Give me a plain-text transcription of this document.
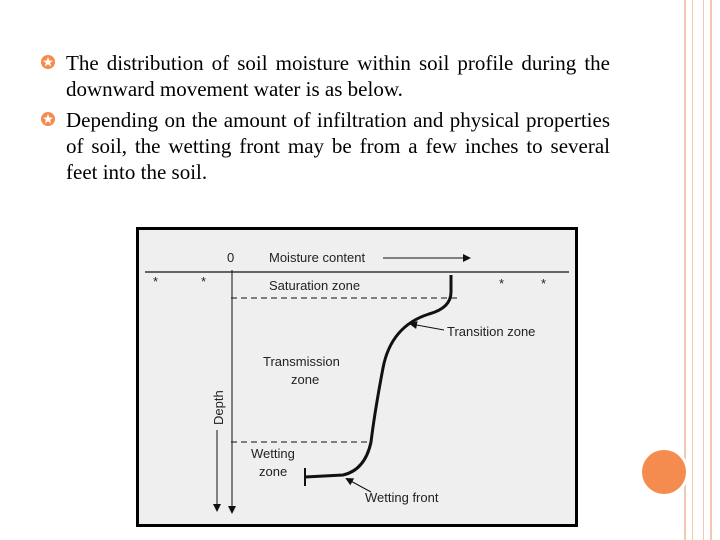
The distribution of soil moisture within soil profile during the downward movement water is as below.
Depending on the amount of infiltration and physical properties of soil, the wetting front may be from a few inches to several feet into the soil.
*	*	*	*
0	Moisture content
Depth
Saturation zone
Transition zone
Transmission
zone
Wetting
zone
Wetting front
